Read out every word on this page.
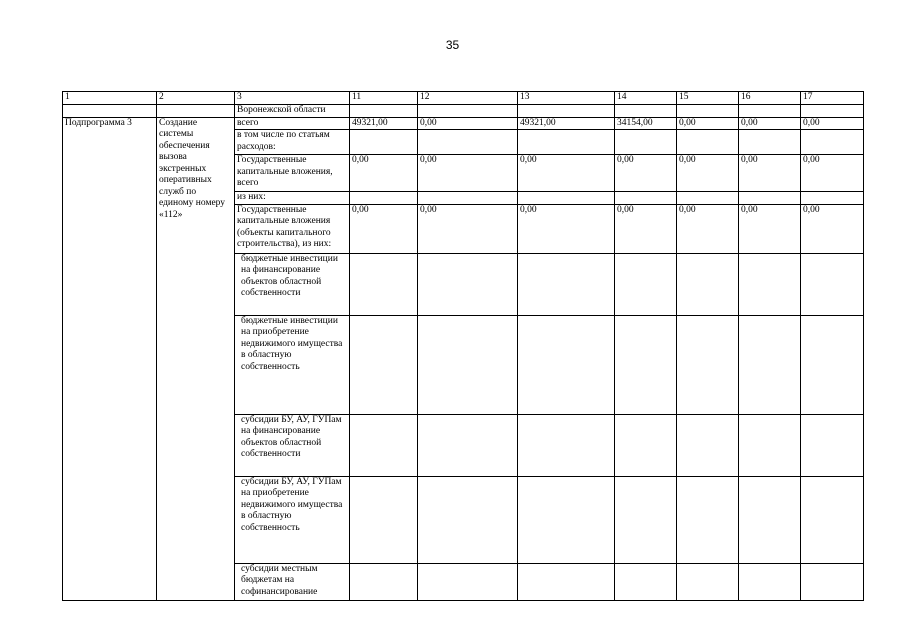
35
1	2	3	11	12	13	14	15	16	17
		Воронежской области							
Подпрограмма 3	Создание системы обеспечения вызова экстренных оперативных служб по единому номеру «112»	всего	49321,00	0,00	49321,00	34154,00	0,00	0,00	0,00
		в том числе по статьям расходов:							
		Государственные капитальные вложения, всего	0,00	0,00	0,00	0,00	0,00	0,00	0,00
		из них:							
		Государственные капитальные вложения (объекты капитального строительства), из них:	0,00	0,00	0,00	0,00	0,00	0,00	0,00
		бюджетные инвестиции на финансирование объектов областной собственности							
		бюджетные инвестиции на приобретение недвижимого имущества в областную собственность							
		субсидии БУ, АУ, ГУПам на финансирование объектов областной собственности							
		субсидии БУ, АУ, ГУПам на приобретение недвижимого имущества в областную собственность							
		субсидии местным бюджетам на софинансирование							
